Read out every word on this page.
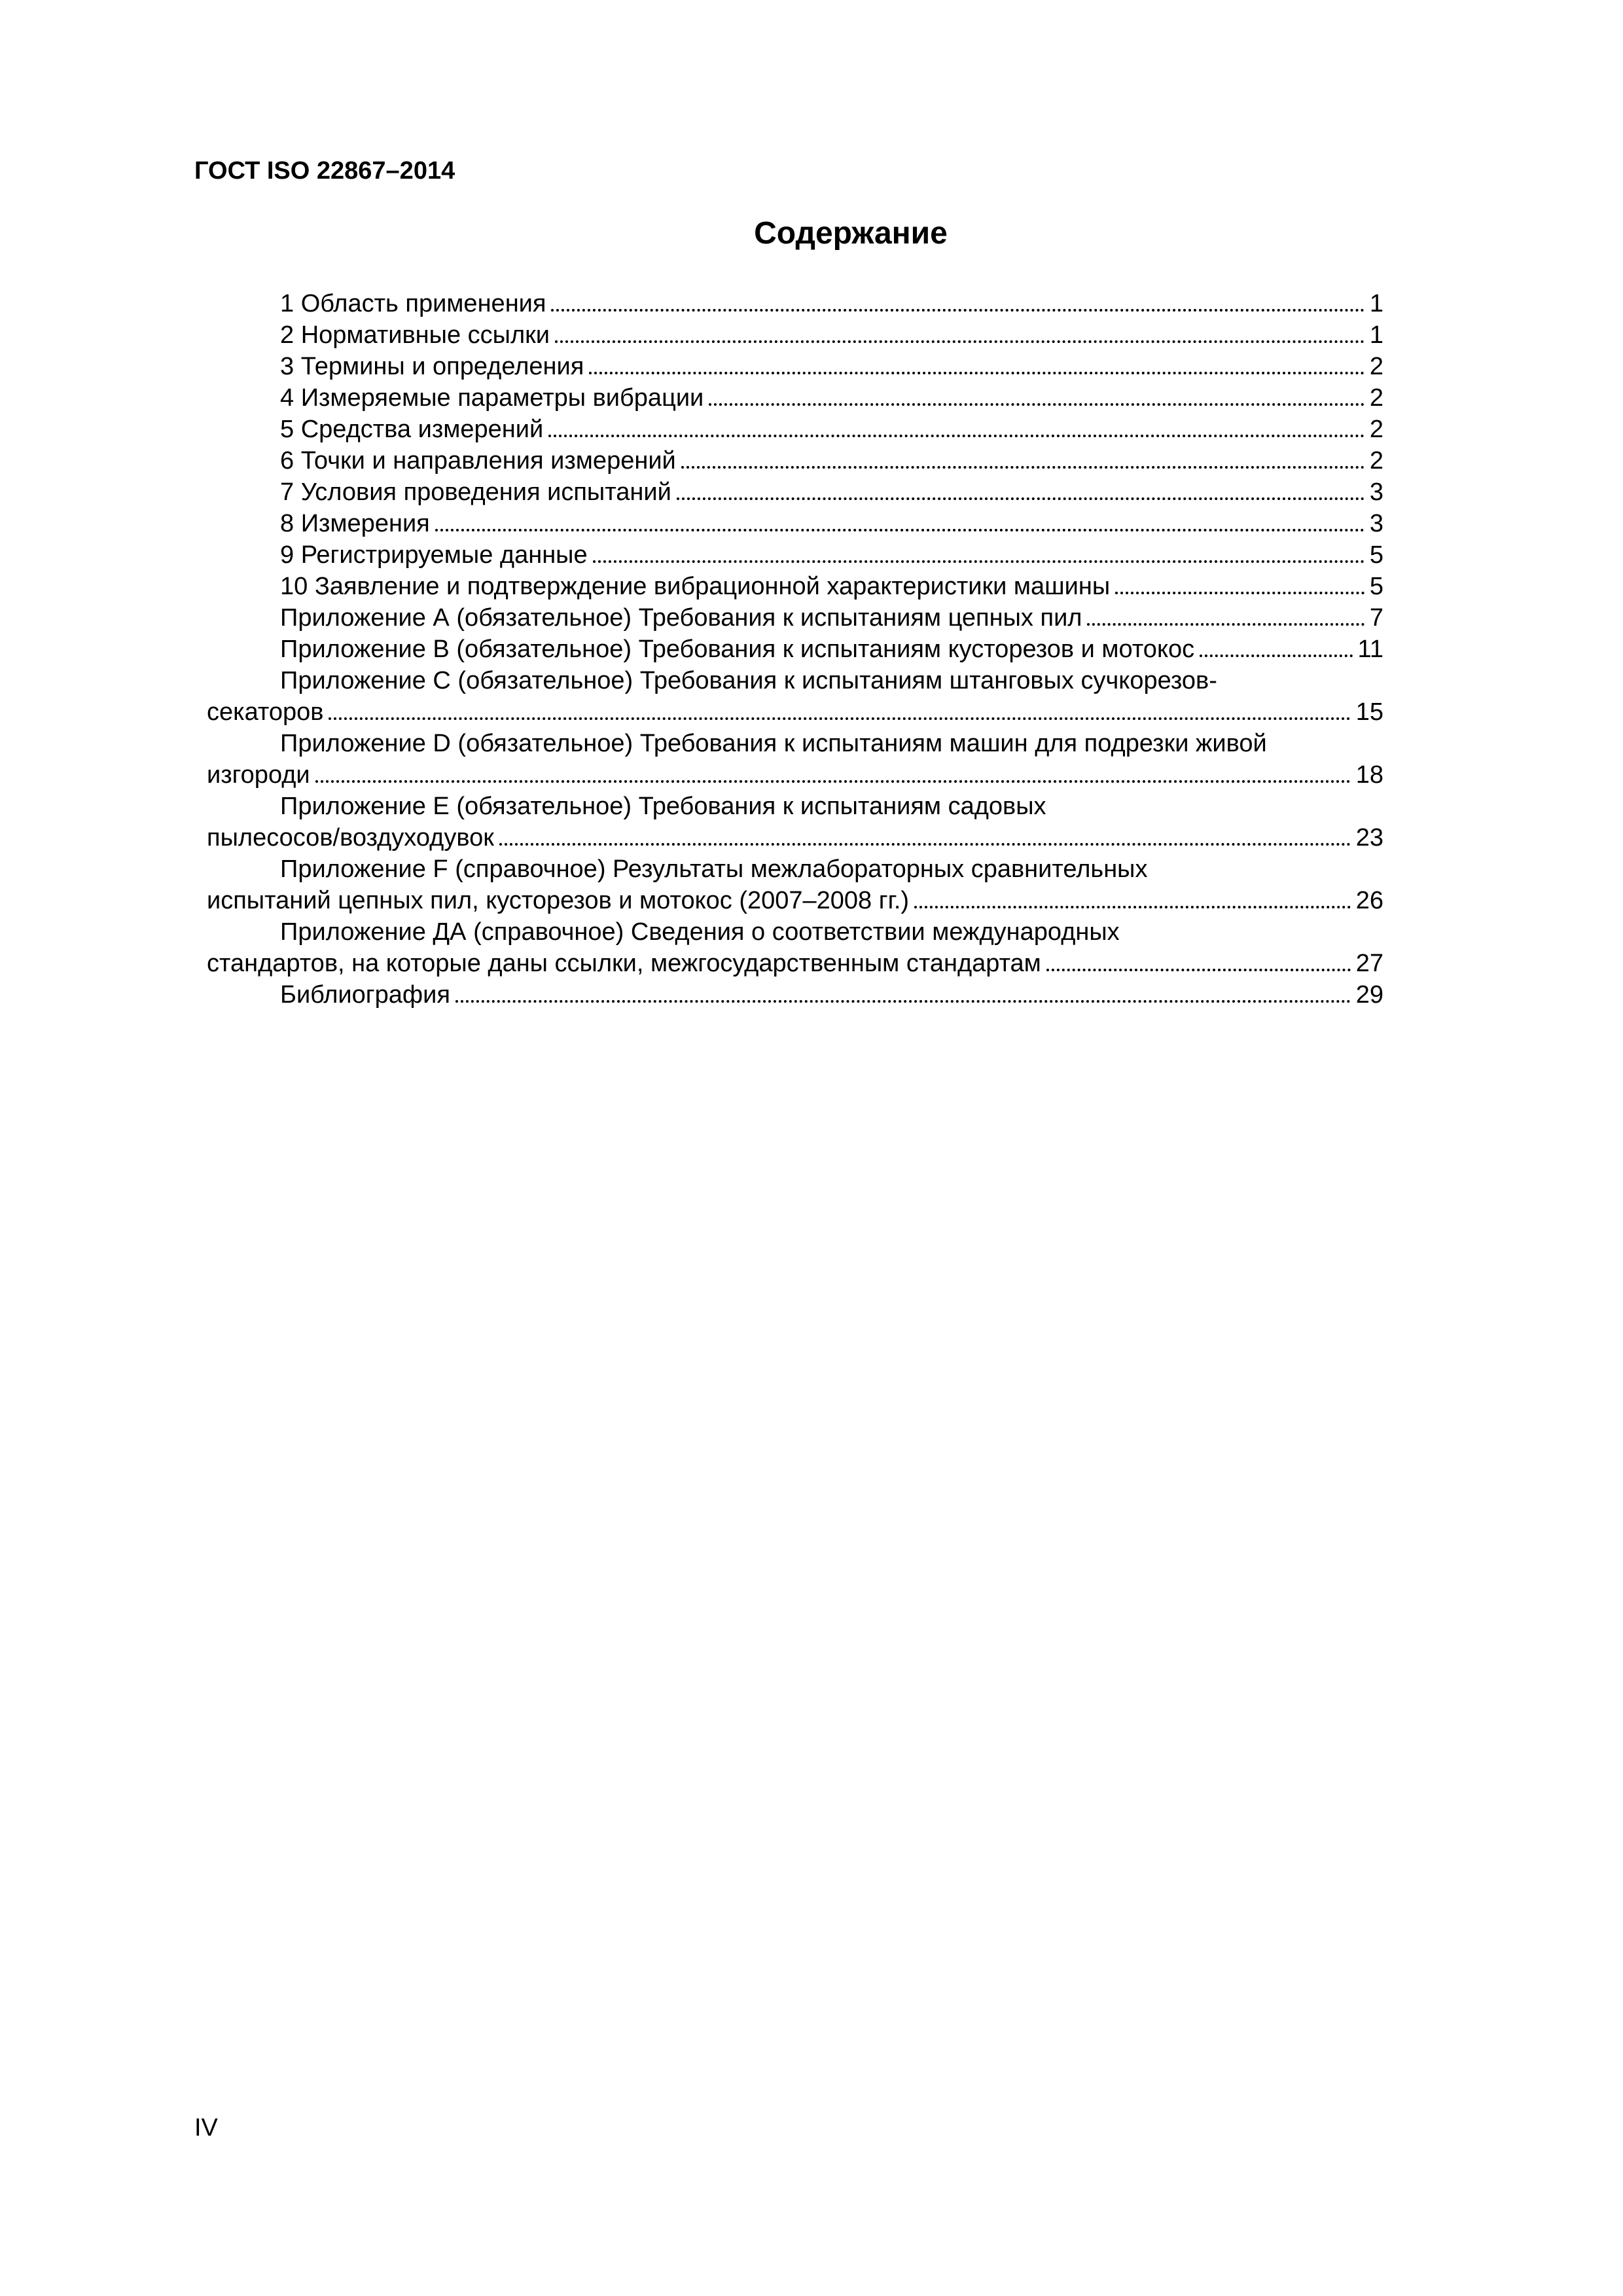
ГОСТ ISO 22867–2014
Содержание
1 Область применения	1
2 Нормативные ссылки	1
3 Термины и определения	2
4 Измеряемые параметры вибрации	2
5 Средства измерений	2
6 Точки и направления измерений	2
7 Условия проведения испытаний	3
8 Измерения	3
9 Регистрируемые данные	5
10 Заявление и подтверждение вибрационной характеристики машины	5
Приложение А (обязательное) Требования к испытаниям цепных пил	7
Приложение В (обязательное) Требования к испытаниям кусторезов и мотокос	11
Приложение С (обязательное) Требования к испытаниям штанговых сучкорезов-
секаторов	15
Приложение D (обязательное) Требования к испытаниям машин для подрезки живой
изгороди	18
Приложение Е (обязательное) Требования к испытаниям садовых
пылесосов/воздуходувок	23
Приложение F (справочное) Результаты межлабораторных сравнительных
испытаний цепных пил, кусторезов и мотокос (2007–2008 гг.)	26
Приложение ДА (справочное) Сведения о соответствии международных
стандартов, на которые даны ссылки, межгосударственным стандартам	27
Библиография	29
IV
